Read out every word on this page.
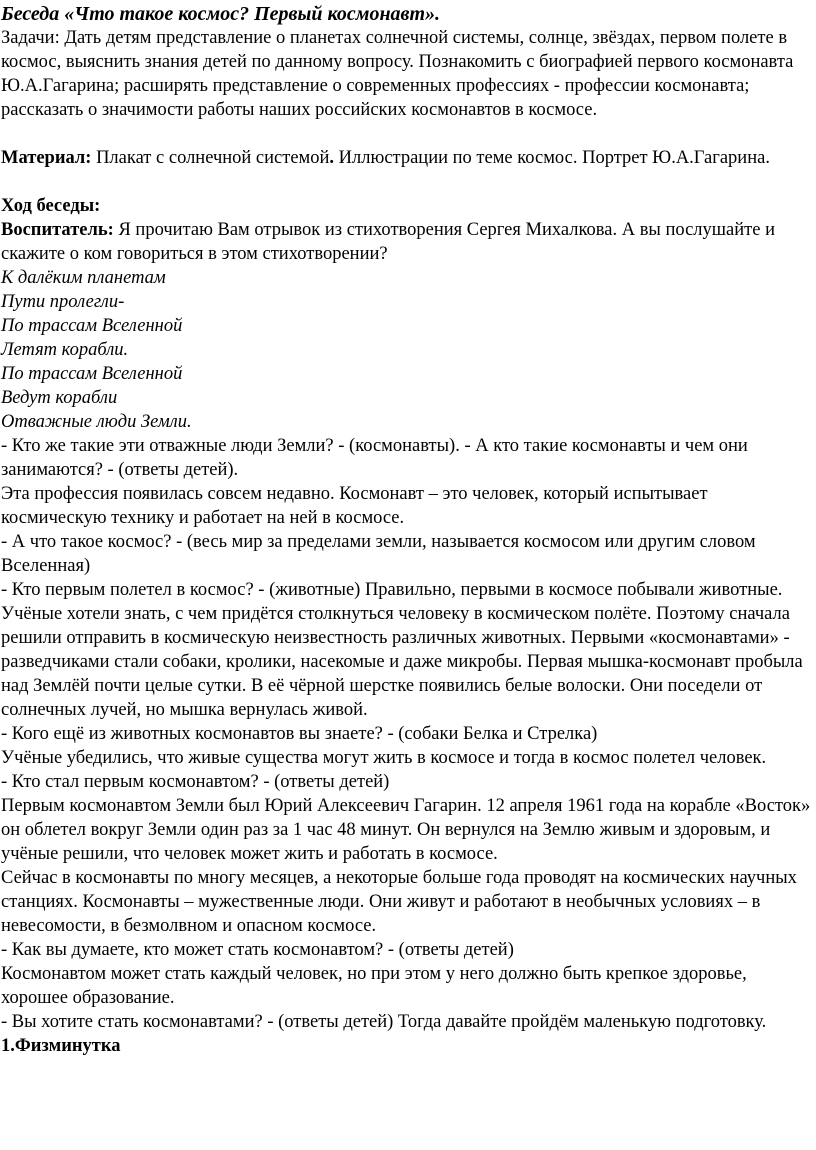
Беседа «Что такое космос? Первый космонавт».

Задачи: Дать детям представление о планетах солнечной системы, солнце, звёздах, первом полете в космос, выяснить знания детей по данному вопросу. Познакомить с биографией первого космонавта Ю.А.Гагарина; расширять представление о современных профессиях - профессии космонавта; рассказать о значимости работы наших российских космонавтов в космосе.

Материал: Плакат с солнечной системой. Иллюстрации по теме космос. Портрет Ю.А.Гагарина.

Ход беседы:

Воспитатель: Я прочитаю Вам отрывок из стихотворения Сергея Михалкова. А вы послушайте и скажите о ком говориться в этом стихотворении?

К далёким планетам

Пути пролегли-

По трассам Вселенной

Летят корабли.

По трассам Вселенной

Ведут корабли

Отважные люди Земли.

- Кто же такие эти отважные люди Земли? - (космонавты). - А кто такие космонавты и чем они занимаются? - (ответы детей).

Эта профессия появилась совсем недавно. Космонавт – это человек, который испытывает космическую технику и работает на ней в космосе.

- А что такое космос? - (весь мир за пределами земли, называется космосом или другим словом Вселенная)

- Кто первым полетел в космос? - (животные) Правильно, первыми в космосе побывали животные. Учёные хотели знать, с чем придётся столкнуться человеку в космическом полёте. Поэтому сначала решили отправить в космическую неизвестность различных животных. Первыми «космонавтами» - разведчиками стали собаки, кролики, насекомые и даже микробы. Первая мышка-космонавт пробыла над Землёй почти целые сутки. В её чёрной шерстке появились белые волоски. Они поседели от солнечных лучей, но мышка вернулась живой.

- Кого ещё из животных космонавтов вы знаете? - (собаки Белка и Стрелка)

Учёные убедились, что живые существа могут жить в космосе и тогда в космос полетел человек.

- Кто стал первым космонавтом? - (ответы детей)

Первым космонавтом Земли был Юрий Алексеевич Гагарин. 12 апреля 1961 года на корабле «Восток» он облетел вокруг Земли один раз за 1 час 48 минут. Он вернулся на Землю живым и здоровым, и учёные решили, что человек может жить и работать в космосе.

Сейчас в космонавты по многу месяцев, а некоторые больше года проводят на космических научных станциях. Космонавты – мужественные люди. Они живут и работают в необычных условиях – в невесомости, в безмолвном и опасном космосе.

- Как вы думаете, кто может стать космонавтом? - (ответы детей)

Космонавтом может стать каждый человек, но при этом у него должно быть крепкое здоровье, хорошее образование.

- Вы хотите стать космонавтами? - (ответы детей) Тогда давайте пройдём маленькую подготовку.

1.Физминутка
